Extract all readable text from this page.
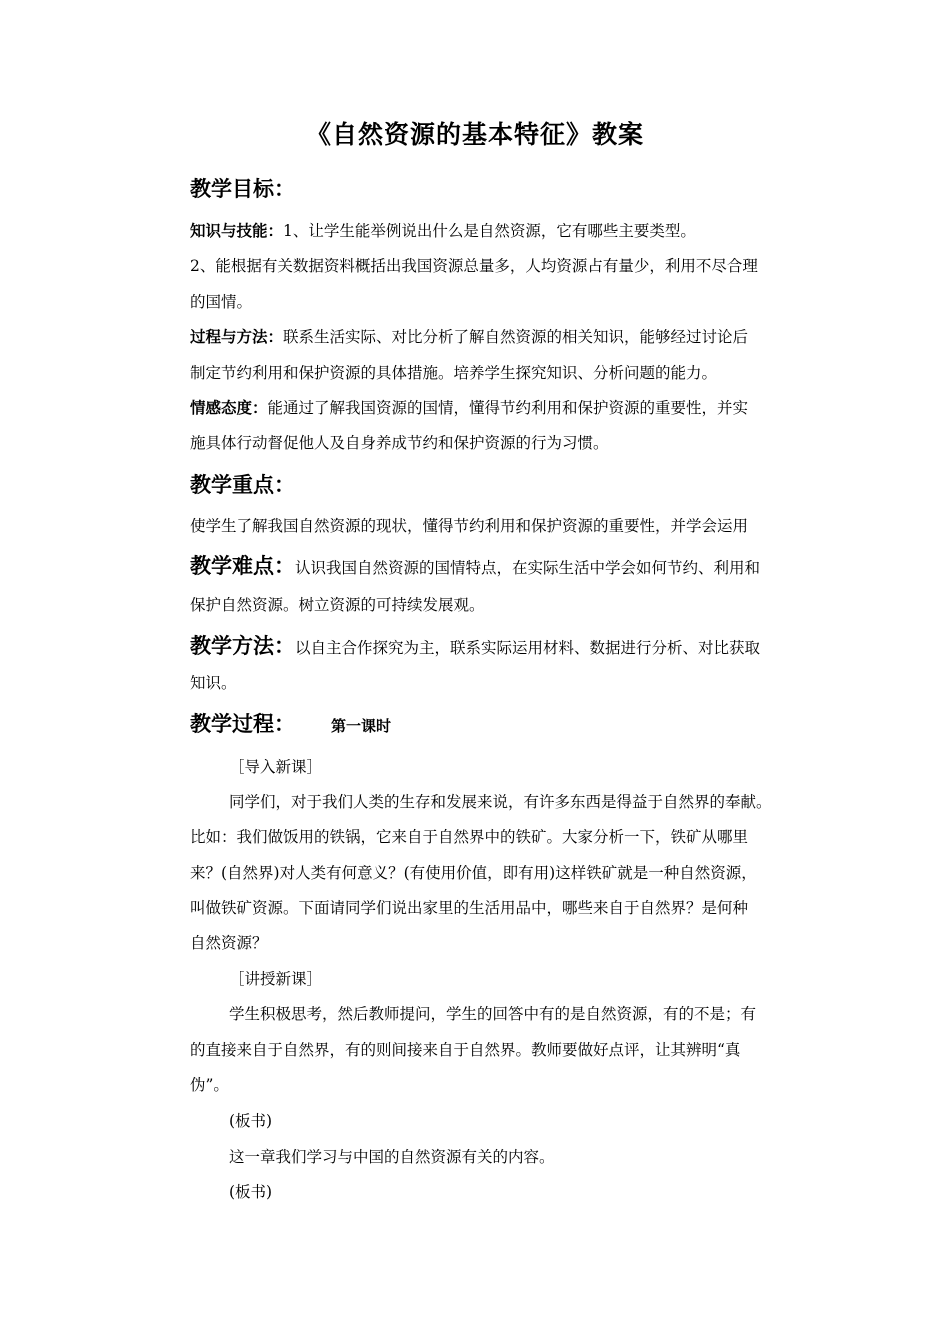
《自然资源的基本特征》教案
教学目标：
知识与技能：1、让学生能举例说出什么是自然资源，它有哪些主要类型。
2、能根据有关数据资料概括出我国资源总量多，人均资源占有量少，利用不尽合理
的国情。
过程与方法：联系生活实际、对比分析了解自然资源的相关知识，能够经过讨论后
制定节约利用和保护资源的具体措施。培养学生探究知识、分析问题的能力。
情感态度：能通过了解我国资源的国情，懂得节约利用和保护资源的重要性，并实
施具体行动督促他人及自身养成节约和保护资源的行为习惯。
教学重点：
使学生了解我国自然资源的现状，懂得节约利用和保护资源的重要性，并学会运用
教学难点：认识我国自然资源的国情特点，在实际生活中学会如何节约、利用和
保护自然资源。树立资源的可持续发展观。
教学方法：以自主合作探究为主，联系实际运用材料、数据进行分析、对比获取
知识。
教学过程： 第一课时
［导入新课］
同学们，对于我们人类的生存和发展来说，有许多东西是得益于自然界的奉献。
比如：我们做饭用的铁锅，它来自于自然界中的铁矿。大家分析一下，铁矿从哪里
来？(自然界)对人类有何意义？(有使用价值，即有用)这样铁矿就是一种自然资源，
叫做铁矿资源。下面请同学们说出家里的生活用品中，哪些来自于自然界？是何种
自然资源？
［讲授新课］
学生积极思考，然后教师提问，学生的回答中有的是自然资源，有的不是；有
的直接来自于自然界，有的则间接来自于自然界。教师要做好点评，让其辨明“真
伪”。
(板书)
这一章我们学习与中国的自然资源有关的内容。
(板书)
